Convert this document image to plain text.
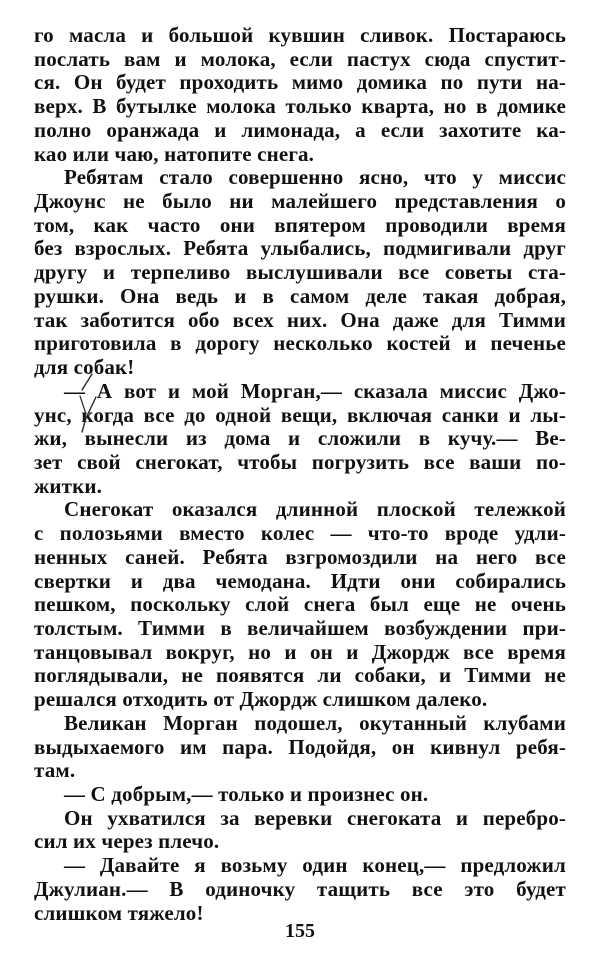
го масла и большой кувшин сливок. Постараюсь
послать вам и молока, если пастух сюда спустит-
ся. Он будет проходить мимо домика по пути на-
верх. В бутылке молока только кварта, но в домике
полно оранжада и лимонада, а если захотите ка-
као или чаю, натопите снега.

Ребятам стало совершенно ясно, что у миссис
Джоунс не было ни малейшего представления о
том, как часто они впятером проводили время
без взрослых. Ребята улыбались, подмигивали друг
другу и терпеливо выслушивали все советы ста-
рушки. Она ведь и в самом деле такая добрая,
так заботится обо всех них. Она даже для Тимми
приготовила в дорогу несколько костей и печенье
для собак!

— А вот и мой Морган,— сказала миссис Джо-
унс, когда все до одной вещи, включая санки и лы-
жи, вынесли из дома и сложили в кучу.— Ве-
зет свой снегокат, чтобы погрузить все ваши по-
житки.

Снегокат оказался длинной плоской тележкой
с полозьями вместо колес — что-то вроде удли-
ненных саней. Ребята взгромоздили на него все
свертки и два чемодана. Идти они собирались
пешком, поскольку слой снега был еще не очень
толстым. Тимми в величайшем возбуждении при-
танцовывал вокруг, но и он и Джордж все время
поглядывали, не появятся ли собаки, и Тимми не
решался отходить от Джордж слишком далеко.

Великан Морган подошел, окутанный клубами
выдыхаемого им пара. Подойдя, он кивнул ребя-
там.

— С добрым,— только и произнес он.

Он ухватился за веревки снегоката и перебро-
сил их через плечо.

— Давайте я возьму один конец,— предложил
Джулиан.— В одиночку тащить все это будет
слишком тяжело!

155
